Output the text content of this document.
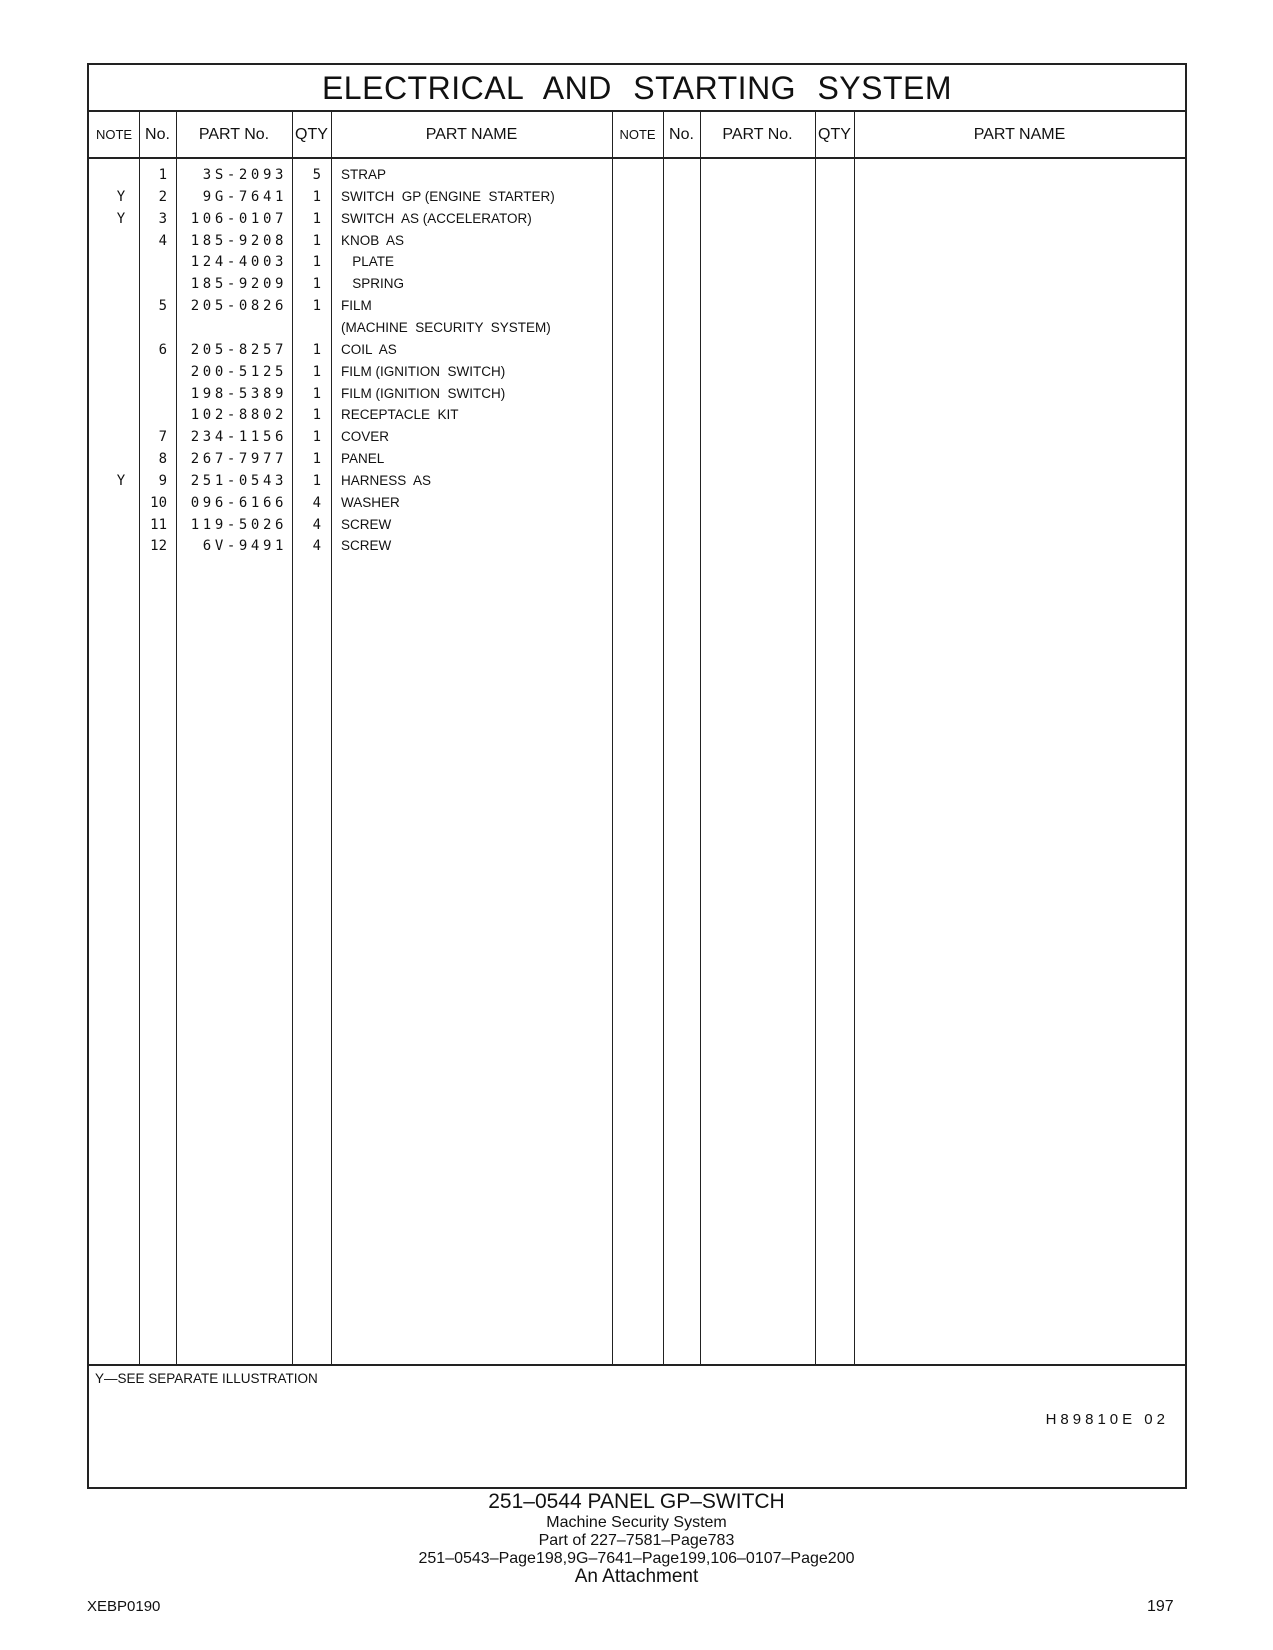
ELECTRICAL AND STARTING SYSTEM
NOTE No.	PART No.	QTY	PART NAME	NOTE No.	PART No.	QTY	PART NAME
1	3S-2093	5 STRAP
Y	2	9G-7641	1 SWITCH  GP (ENGINE  STARTER)
Y	3	106-0107	1 SWITCH  AS (ACCELERATOR)
4	185-9208	1 KNOB  AS
124-4003	1 PLATE
185-9209	1 SPRING
5	205-0826	1 FILM
(MACHINE  SECURITY  SYSTEM)
6	205-8257	1 COIL  AS
200-5125	1 FILM (IGNITION  SWITCH)
198-5389	1 FILM (IGNITION  SWITCH)
102-8802	1 RECEPTACLE  KIT
7	234-1156	1 COVER
8	267-7977	1 PANEL
Y	9	251-0543	1 HARNESS  AS
10	096-6166	4 WASHER
11	119-5026	4 SCREW
12	6V-9491	4 SCREW
Y—SEE SEPARATE ILLUSTRATION
H89810E 02
251–0544 PANEL GP–SWITCH
Machine Security System
Part of 227–7581–Page783
251–0543–Page198,9G–7641–Page199,106–0107–Page200
An Attachment
XEBP0190	197
